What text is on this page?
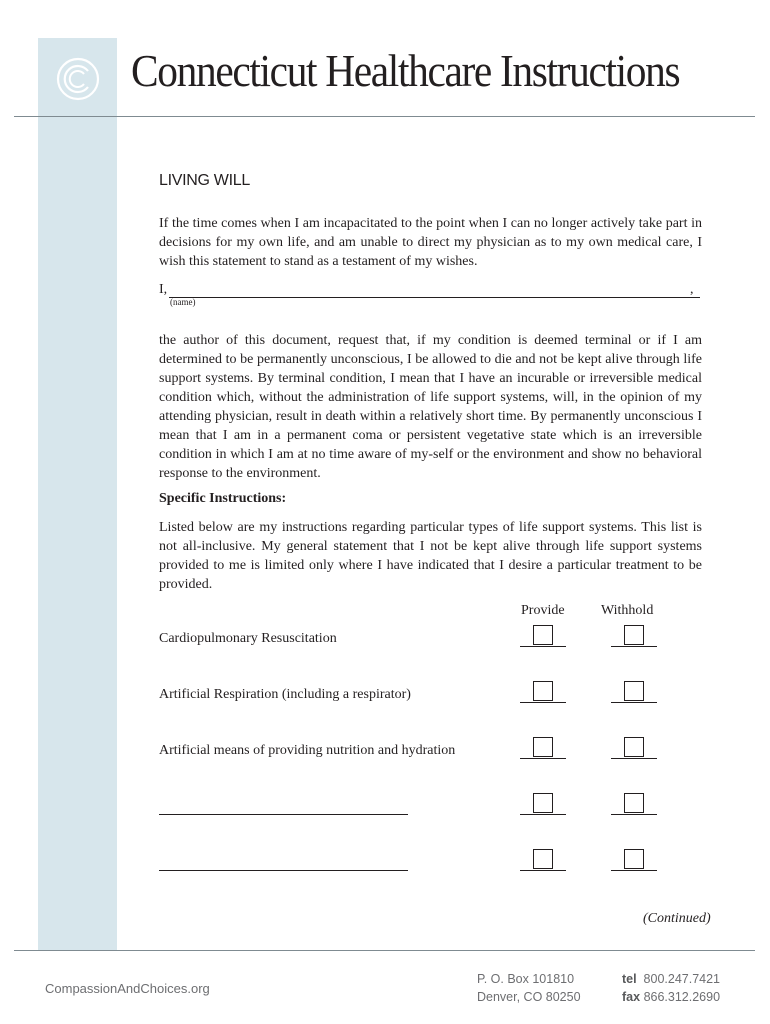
Connecticut Healthcare Instructions
LIVING WILL

If the time comes when I am incapacitated to the point when I can no longer actively take part in decisions for my own life, and am unable to direct my physician as to my own medical care, I wish this statement to stand as a testament of my wishes.

I,	,
(name)

the author of this document, request that, if my condition is deemed terminal or if I am determined to be permanently unconscious, I be allowed to die and not be kept alive through life support systems. By terminal condition, I mean that I have an incurable or irreversible medical condition which, without the administration of life support systems, will, in the opinion of my attending physician, result in death within a relatively short time. By permanently unconscious I mean that I am in a permanent coma or persistent vegetative state which is an irreversible condition in which I am at no time aware of my-self or the environment and show no behavioral response to the environment.

Specific Instructions:

Listed below are my instructions regarding particular types of life support systems. This list is not all-inclusive. My general statement that I not be kept alive through life support systems provided to me is limited only where I have indicated that I desire a particular treatment to be provided.

Provide	Withhold
Cardiopulmonary Resuscitation
Artificial Respiration (including a respirator)
Artificial means of providing nutrition and hydration
(Continued)
CompassionAndChoices.org
P. O. Box 101810
Denver, CO 80250
tel 800.247.7421
fax 866.312.2690
